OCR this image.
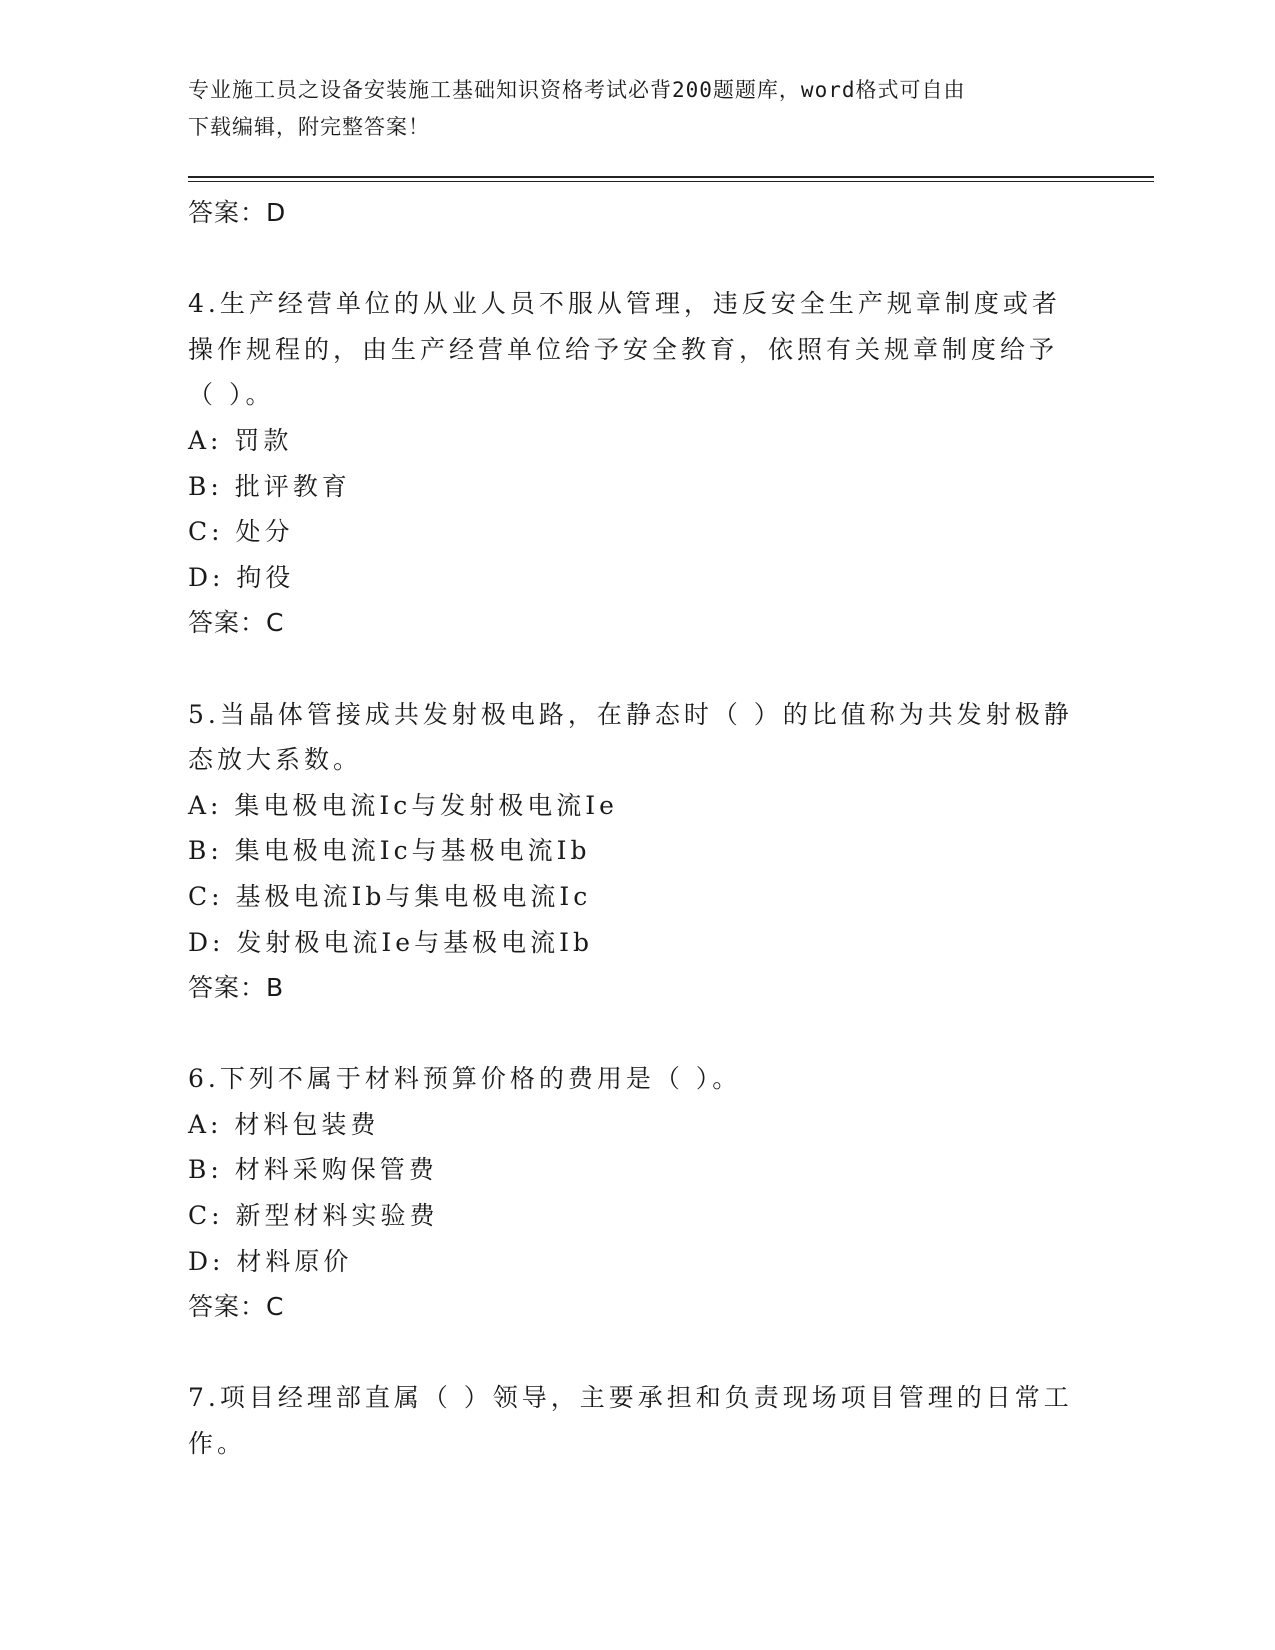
专业施工员之设备安装施工基础知识资格考试必背200题题库，word格式可自由
下载编辑，附完整答案！

答案：D

4.生产经营单位的从业人员不服从管理，违反安全生产规章制度或者

操作规程的，由生产经营单位给予安全教育，依照有关规章制度给予

（ ）。

A: 罚款

B: 批评教育

C: 处分

D: 拘役

答案：C

5.当晶体管接成共发射极电路，在静态时（ ）的比值称为共发射极静

态放大系数。

A: 集电极电流Ic与发射极电流Ie

B: 集电极电流Ic与基极电流Ib

C: 基极电流Ib与集电极电流Ic

D: 发射极电流Ie与基极电流Ib

答案：B

6.下列不属于材料预算价格的费用是（ ）。

A: 材料包装费

B: 材料采购保管费

C: 新型材料实验费

D: 材料原价

答案：C

7.项目经理部直属（ ）领导，主要承担和负责现场项目管理的日常工

作。
